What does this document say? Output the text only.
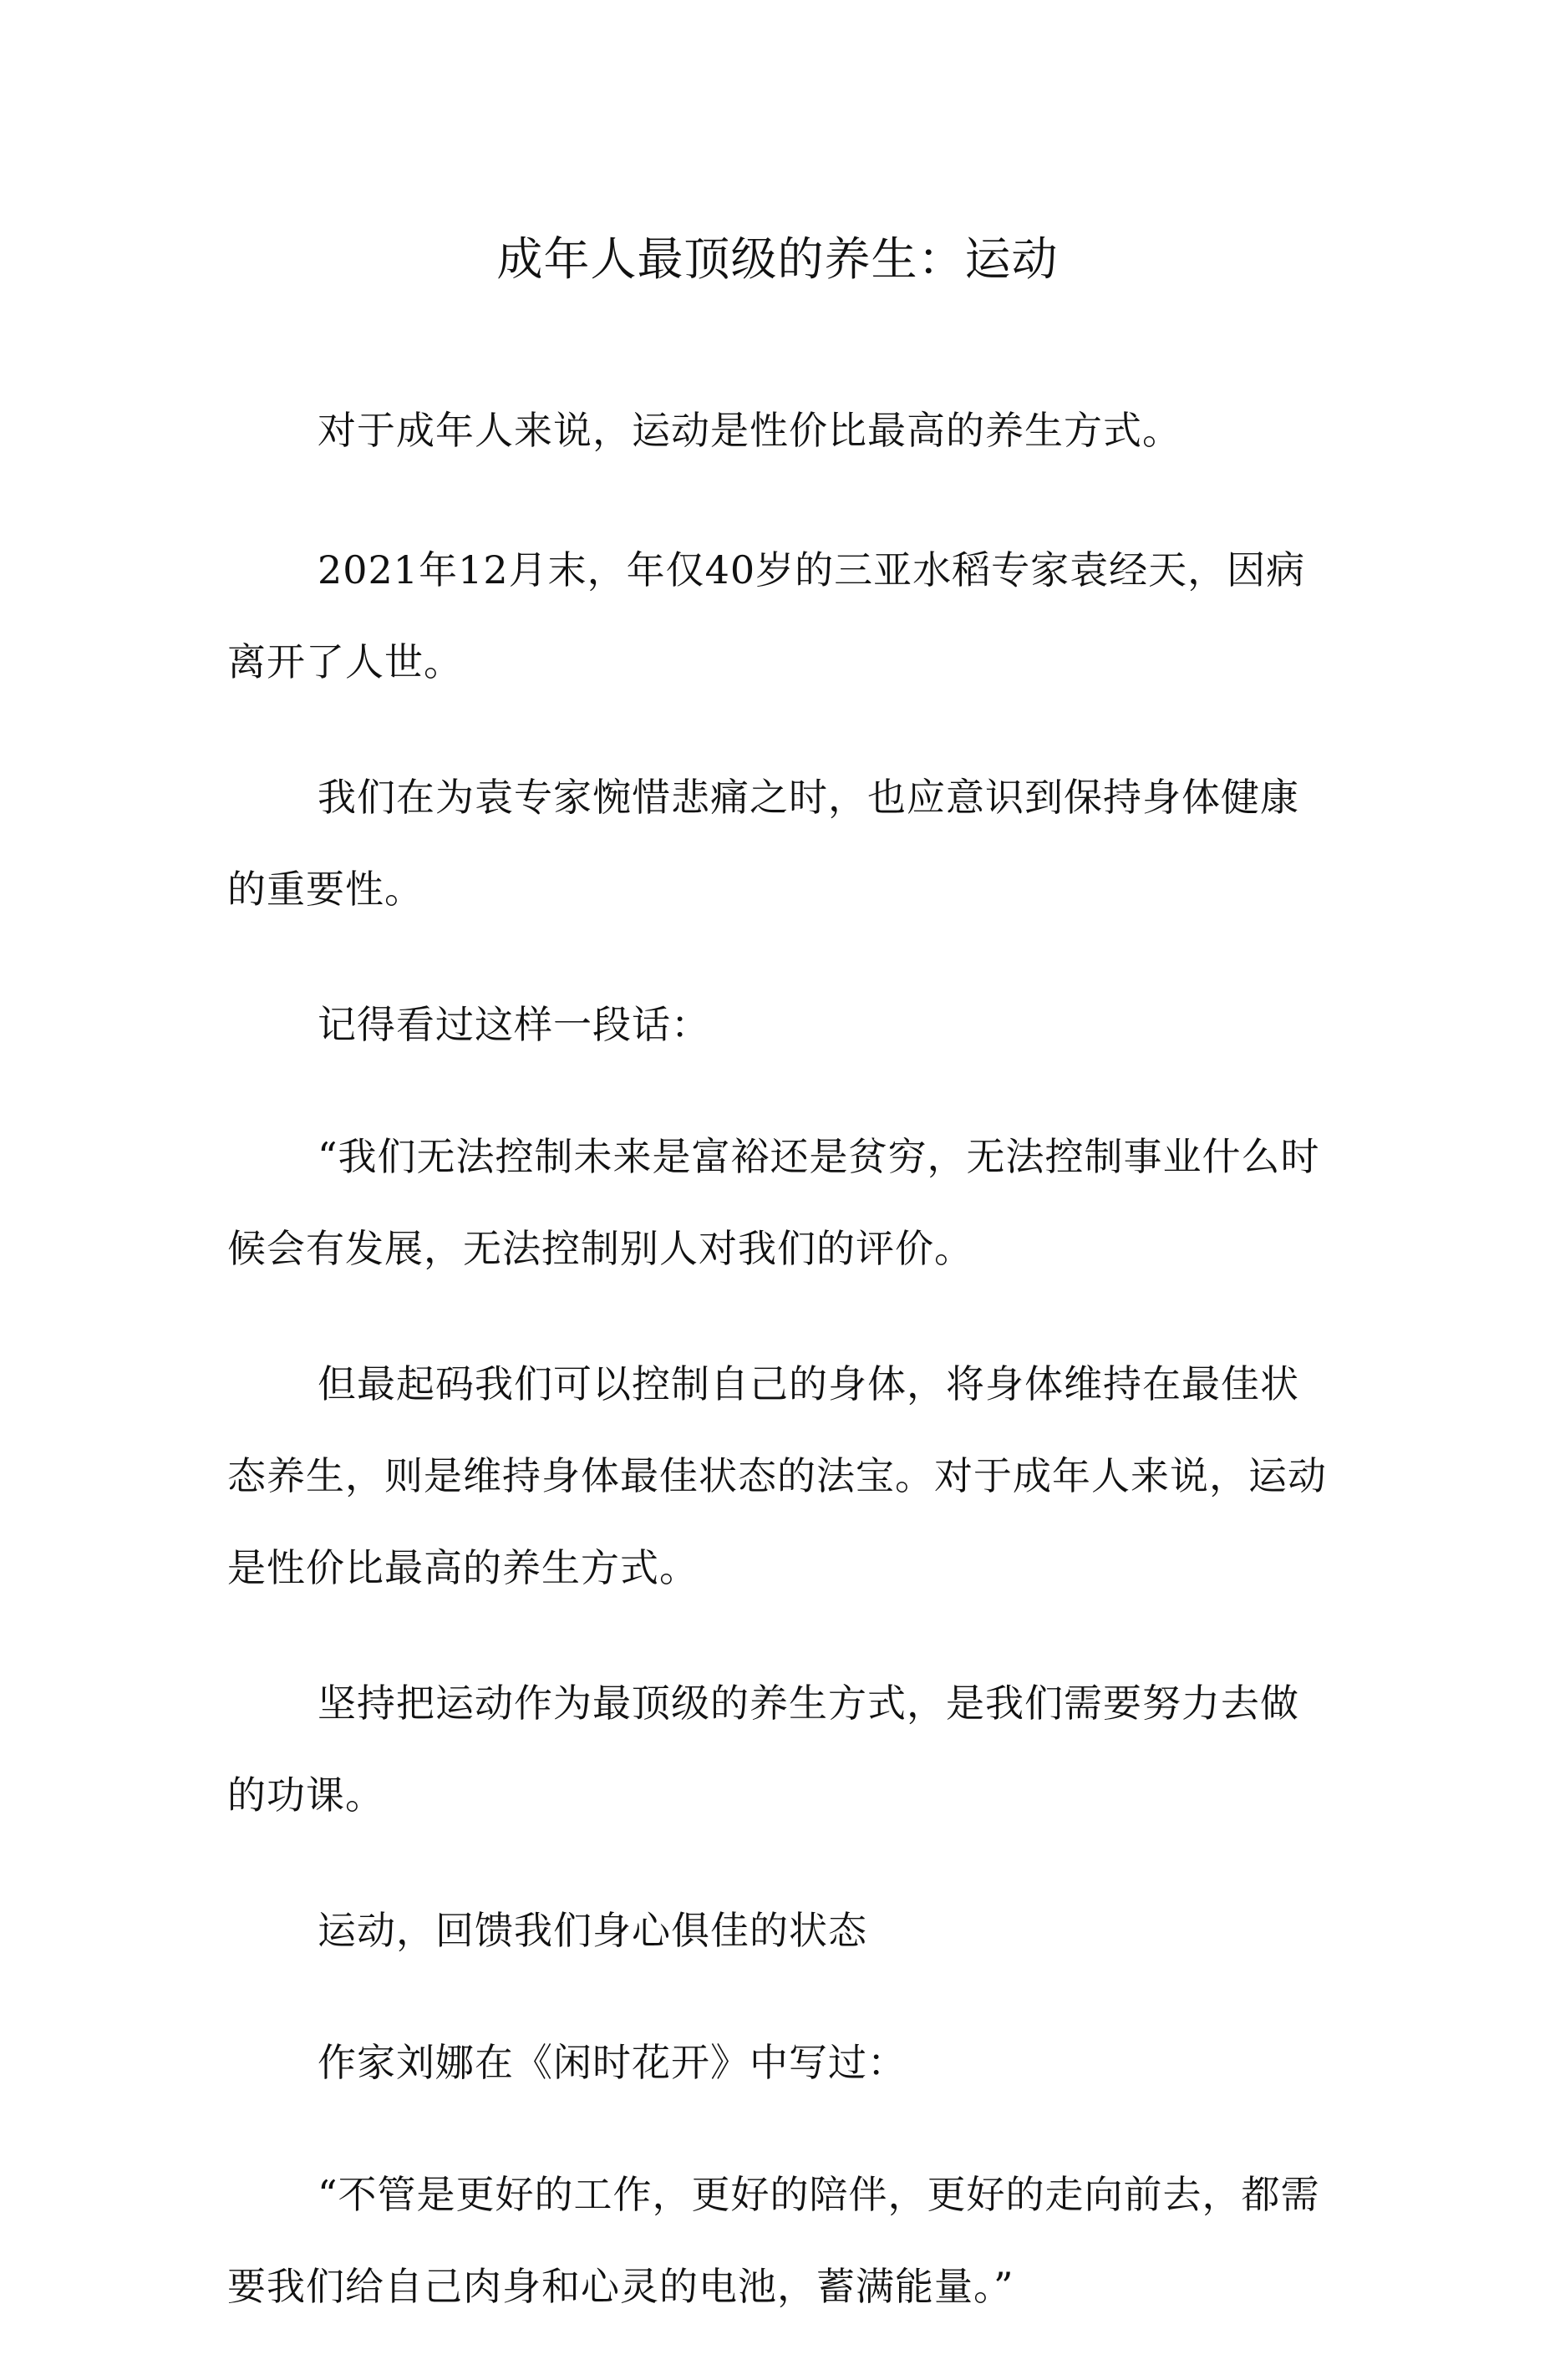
成年人最顶级的养生：运动

对于成年人来说，运动是性价比最高的养生方式。

2021年12月末，年仅40岁的三亚水稻专家袁经天，因病离开了人世。

我们在为袁专家惋惜悲痛之时，也应意识到保持身体健康的重要性。

记得看过这样一段话：

“我们无法控制未来是富裕还是贫穷，无法控制事业什么时候会有发展，无法控制别人对我们的评价。

但最起码我们可以控制自己的身体，将身体维持在最佳状态养生，则是维持身体最佳状态的法宝。对于成年人来说，运动是性价比最高的养生方式。

坚持把运动作为最顶级的养生方式，是我们需要努力去做的功课。

运动，回馈我们身心俱佳的状态

作家刘娜在《闲时花开》中写过：

“不管是更好的工作，更好的陪伴，更好的走向前去，都需要我们给自己肉身和心灵的电池，蓄满能量。”
